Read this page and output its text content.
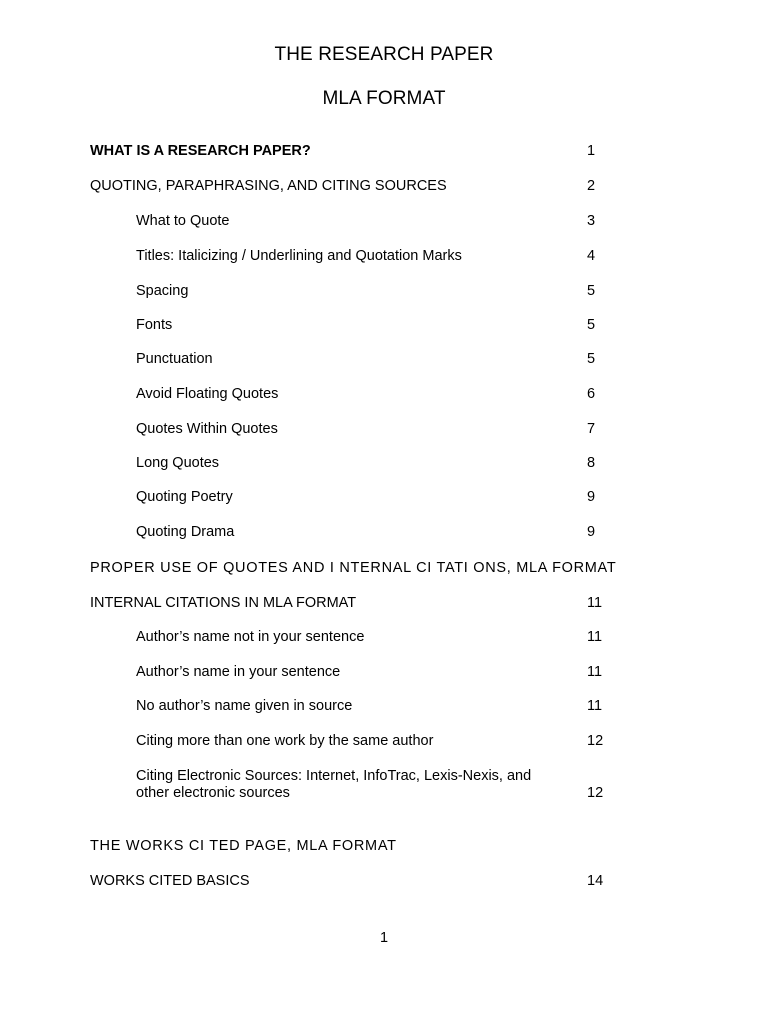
THE RESEARCH PAPER
MLA FORMAT
WHAT IS A RESEARCH PAPER?	1
QUOTING, PARAPHRASING, AND CITING SOURCES	2
What to Quote	3
Titles: Italicizing / Underlining and Quotation Marks	4
Spacing	5
Fonts	5
Punctuation	5
Avoid Floating Quotes	6
Quotes Within Quotes	7
Long Quotes	8
Quoting Poetry	9
Quoting Drama	9
PROPER USE OF QUOTES AND I NTERNAL CI TATI ONS, MLA FORMAT
INTERNAL CITATIONS IN MLA FORMAT	11
Author’s name not in your sentence	11
Author’s name in your sentence	11
No author’s name given in source	11
Citing more than one work by the same author	12
Citing Electronic Sources: Internet, InfoTrac, Lexis-Nexis, and other electronic sources	12
THE WORKS CI TED PAGE, MLA FORMAT
WORKS CITED BASICS	14
1
